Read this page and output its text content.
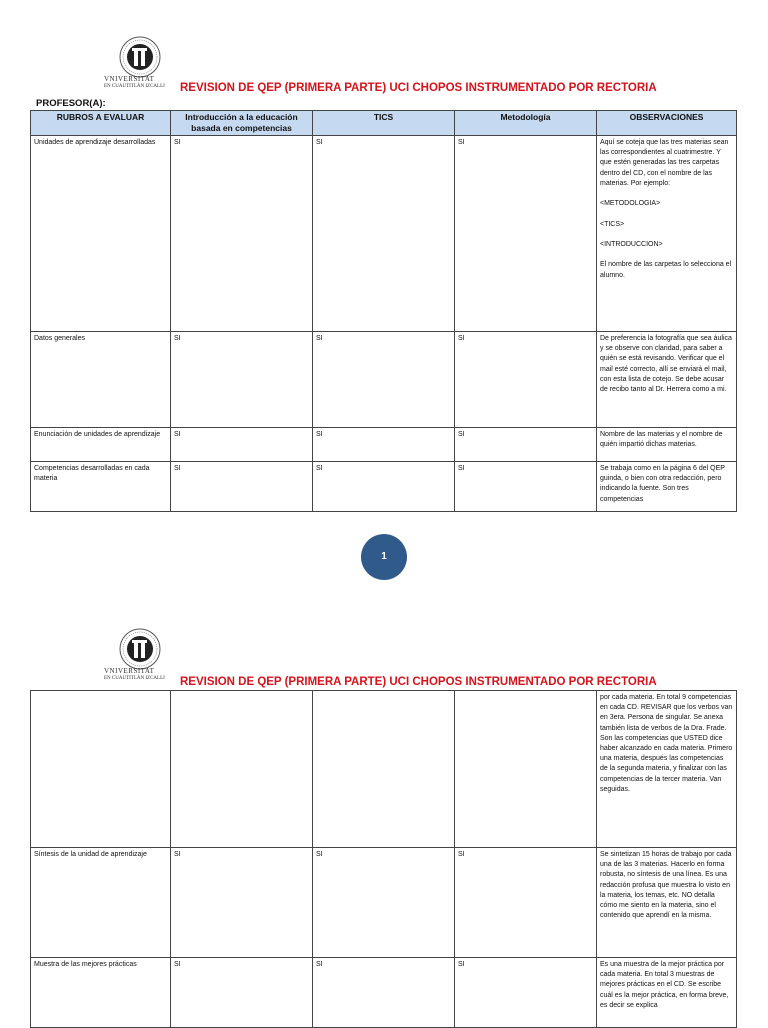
VNIVERSITAT
EN CUAUTITLÁN IZCALLI	REVISION DE QEP (PRIMERA PARTE) UCI CHOPOS INSTRUMENTADO POR RECTORIA
PROFESOR(A):
RUBROS A EVALUAR	Introducción a la educación basada en competencias	TICS	Metodología	OBSERVACIONES
Unidades de aprendizaje desarrolladas	SI	SI	SI	Aquí se coteja que las tres materias sean las correspondientes al cuatrimestre. Y que estén generadas las tres carpetas dentro del CD, con el nombre de las materias. Por ejemplo:

<METODOLOGIA>

<TICS>

<INTRODUCCION>

El nombre de las carpetas lo selecciona el alumno.
Datos generales	SI	SI	SI	De preferencia la fotografía que sea áulica y se observe con claridad, para saber a quién se está revisando. Verificar que el mail esté correcto, allí se enviará el mail, con esta lista de cotejo. Se debe acusar de recibo tanto al Dr. Herrera como a mi.
Enunciación de unidades de aprendizaje	SI	SI	SI	Nombre de las materias y el nombre de quién impartió dichas materias.
Competencias desarrolladas en cada materia	SI	SI	SI	Se trabaja como en la página 6 del QEP guinda, o bien con otra redacción, pero indicando la fuente. Son tres competencias
1
VNIVERSITAT
EN CUAUTITLÁN IZCALLI	REVISION DE QEP (PRIMERA PARTE) UCI CHOPOS INSTRUMENTADO POR RECTORIA
				por cada materia. En total 9 competencias en cada CD. REVISAR que los verbos van en 3era. Persona de singular. Se anexa también lista de verbos de la Dra. Frade. Son las competencias que USTED dice haber alcanzado en cada materia. Primero una materia, después las competencias de la segunda materia, y finalizar con las competencias de la tercer materia. Van seguidas.
Síntesis de la unidad de aprendizaje	SI	SI	SI	Se sintetizan 15 horas de trabajo por cada una de las 3 materias. Hacerlo en forma robusta, no síntesis de una línea. Es una redacción profusa que muestra lo visto en la materia, los temas, etc. NO detalla cómo me siento en la materia, sino el contenido que aprendí en la misma.
Muestra de las mejores prácticas	SI	SI	SI	Es una muestra de la mejor práctica por cada materia. En total 3 muestras de mejores prácticas en el CD. Se escribe cuál es la mejor práctica, en forma breve, es decir se explica
